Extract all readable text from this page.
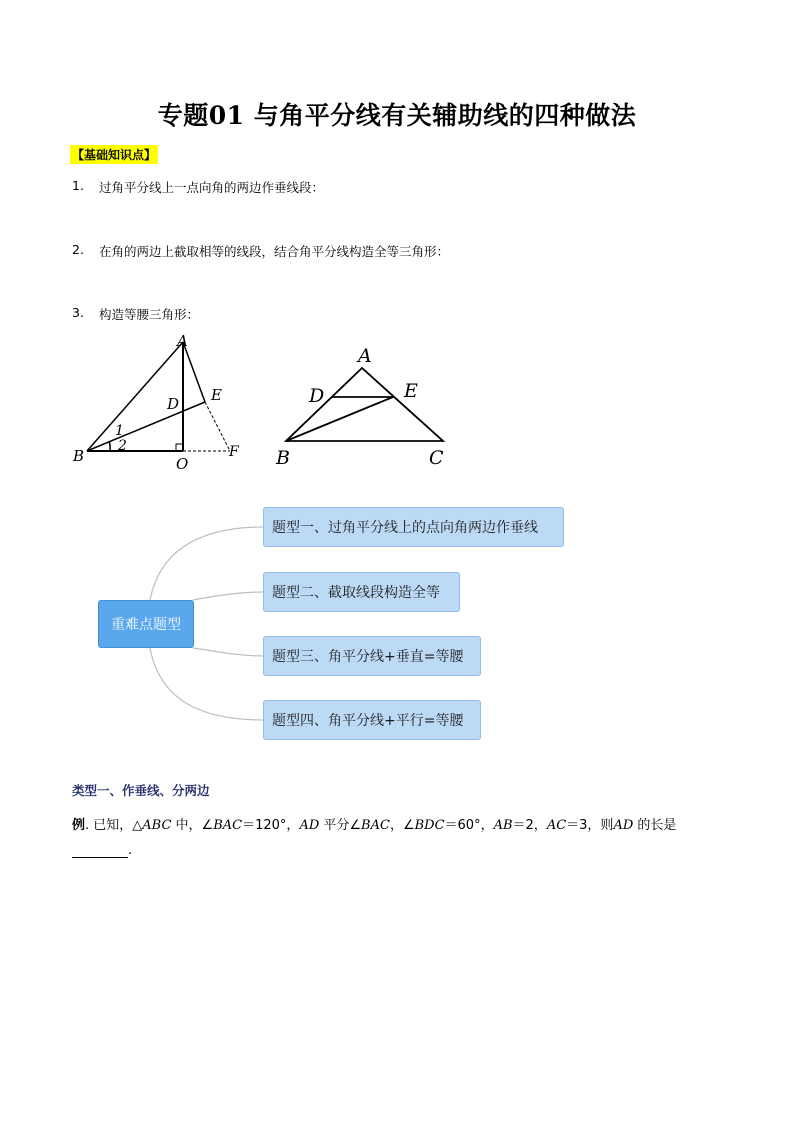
专题01 与角平分线有关辅助线的四种做法
【基础知识点】
1. 过角平分线上一点向角的两边作垂线段：
2. 在角的两边上截取相等的线段，结合角平分线构造全等三角形：
3. 构造等腰三角形：
A
B
D E
O
F
1
2
A
B	C
D	E
重难点题型
题型一、过角平分线上的点向角两边作垂线
题型二、截取线段构造全等
题型三、角平分线+垂直=等腰
题型四、角平分线+平行=等腰
类型一、作垂线、分两边
例. 已知，△ABC 中，∠BAC＝120°，AD 平分∠BAC，∠BDC＝60°，AB＝2，AC＝3，则AD 的长是
.
